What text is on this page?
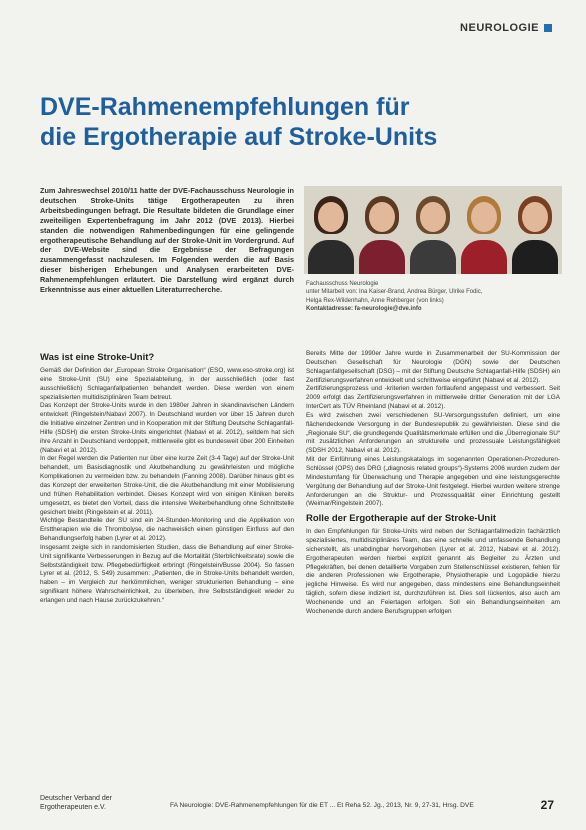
NEUROLOGIE
DVE-Rahmenempfehlungen für
die Ergotherapie auf Stroke-Units
Zum Jahreswechsel 2010/11 hatte der DVE-Fachausschuss Neurologie in deutschen Stroke-Units tätige Ergotherapeuten zu ihren Arbeitsbedingungen befragt. Die Resultate bildeten die Grundlage einer zweiteiligen Expertenbefragung im Jahr 2012 (DVE 2013). Hierbei standen die notwendigen Rahmenbedingungen für eine gelingende ergotherapeutische Behandlung auf der Stroke-Unit im Vordergrund. Auf der DVE-Website sind die Ergebnisse der Befragungen zusammengefasst nachzulesen. Im Folgenden werden die auf Basis dieser bisherigen Erhebungen und Analysen erarbeiteten DVE-Rahmenempfehlungen erläutert. Die Darstellung wird ergänzt durch Erkenntnisse aus einer aktuellen Literaturrecherche.
Fachausschuss Neurologie
unter Mitarbeit von: Ina Kaiser-Brand, Andrea Bürger, Ulrike Fodic,
Helga Rex-Wildenhahn, Anne Rehberger (von links)
Kontaktadresse: fa-neurologie@dve.info
Was ist eine Stroke-Unit?

Gemäß der Definition der „European Stroke Organisation“ (ESO, www.eso-stroke.org) ist eine Stroke-Unit (SU) eine Spezialabteilung, in der ausschließlich (oder fast ausschließlich) Schlaganfallpatienten behandelt werden. Diese werden von einem spezialisierten multidisziplinären Team betreut.

Das Konzept der Stroke-Units wurde in den 1980er Jahren in skandinavischen Ländern entwickelt (Ringelstein/Nabavi 2007). In Deutschland wurden vor über 15 Jahren durch die Initiative einzelner Zentren und in Kooperation mit der Stiftung Deutsche Schlaganfall-Hilfe (SDSH) die ersten Stroke-Units eingerichtet (Nabavi et al. 2012), seitdem hat sich ihre Anzahl in Deutschland verdoppelt, mittlerweile gibt es bundesweit über 200 Einheiten (Nabavi et al. 2012).

In der Regel werden die Patienten nur über eine kurze Zeit (3-4 Tage) auf der Stroke-Unit behandelt, um Basisdiagnostik und Akutbehandlung zu gewährleisten und mögliche Komplikationen zu vermeiden bzw. zu behandeln (Fanning 2008). Darüber hinaus gibt es das Konzept der erweiterten Stroke-Unit, die die Akutbehandlung mit einer Mobilisierung und frühen Rehabilitation verbindet. Dieses Konzept wird von einigen Kliniken bereits umgesetzt, es bietet den Vorteil, dass die intensive Weiterbehandlung ohne Schnittstelle gesichert bleibt (Ringelstein et al. 2011).

Wichtige Bestandteile der SU sind ein 24-Stunden-Monitoring und die Applikation von Ersttherapien wie die Thrombolyse, die nachweislich einen günstigen Einfluss auf den Behandlungserfolg haben (Lyrer et al. 2012).

Insgesamt zeigte sich in randomisierten Studien, dass die Behandlung auf einer Stroke-Unit signifikante Verbesserungen in Bezug auf die Mortalität (Sterblichkeitsrate) sowie die Selbstständigkeit bzw. Pflegebedürftigkeit erbringt (Ringelstein/Busse 2004). So fassen Lyrer et al. (2012, S. 549) zusammen: „Patienten, die in Stroke-Units behandelt werden, haben – im Vergleich zur herkömmlichen, weniger strukturierten Behandlung – eine signifikant höhere Wahrscheinlichkeit, zu überleben, ihre Selbstständigkeit wieder zu erlangen und nach Hause zurückzukehren.“

Bereits Mitte der 1990er Jahre wurde in Zusammenarbeit der SU-Kommission der Deutschen Gesellschaft für Neurologie (DGN) sowie der Deutschen Schlaganfallgesellschaft (DSG) – mit der Stiftung Deutsche Schlaganfall-Hilfe (SDSH) ein Zertifizierungsverfahren entwickelt und schrittweise eingeführt (Nabavi et al. 2012).

Zertifizierungsprozess und -kriterien werden fortlaufend angepasst und verbessert. Seit 2009 erfolgt das Zertifizierungsverfahren in mittlerweile dritter Generation mit der LGA InterCert als TÜV Rheinland (Nabavi et al. 2012).

Es wird zwischen zwei verschiedenen SU-Versorgungsstufen definiert, um eine flächendeckende Versorgung in der Bundesrepublik zu gewährleisten. Diese sind die „Regionale SU“, die grundlegende Qualitätsmerkmale erfüllen und die „Überregionale SU“ mit zusätzlichen Anforderungen an strukturelle und prozessuale Leistungsfähigkeit (SDSH 2012, Nabavi et al. 2012).

Mit der Einführung eines Leistungskatalogs im sogenannten Operationen-Prozeduren-Schlüssel (OPS) des DRG („diagnosis related groups“)-Systems 2006 wurden zudem der Mindestumfang für Überwachung und Therapie angegeben und eine leistungsgerechte Vergütung der Behandlung auf der Stroke-Unit festgelegt. Hierbei wurden weitere strenge Anforderungen an die Struktur- und Prozessqualität einer Einrichtung gestellt (Weimar/Ringelstein 2007).

Rolle der Ergotherapie auf der Stroke-Unit

In den Empfehlungen für Stroke-Units wird neben der Schlaganfallmedizin fachärztlich spezialisiertes, multidisziplinäres Team, das eine schnelle und umfassende Behandlung sicherstellt, als unabdingbar hervorgehoben (Lyrer et al. 2012, Nabavi et al. 2012). Ergotherapeuten werden hierbei explizit genannt als Begleiter zu Ärzten und Pflegekräften, bei denen detaillierte Vorgaben zum Stellenschlüssel existieren, fehlen für die anderen Professionen wie Ergotherapie, Physiotherapie und Logopädie hierzu jegliche Hinweise. Es wird nur angegeben, dass mindestens eine Behandlungseinheit täglich, sofern diese indiziert ist, durchzuführen ist. Dies soll lückenlos, also auch am Wochenende und an Feiertagen erfolgen. Soll ein Behandlungseinheiten am Wochenende durch andere Berufsgruppen erfolgen

Deutscher Verband der
Ergotherapeuten e.V.	FA Neurologie: DVE-Rahmenempfehlungen für die ET ... Et Reha 52. Jg., 2013, Nr. 9, 27-31, Hrsg. DVE	27
